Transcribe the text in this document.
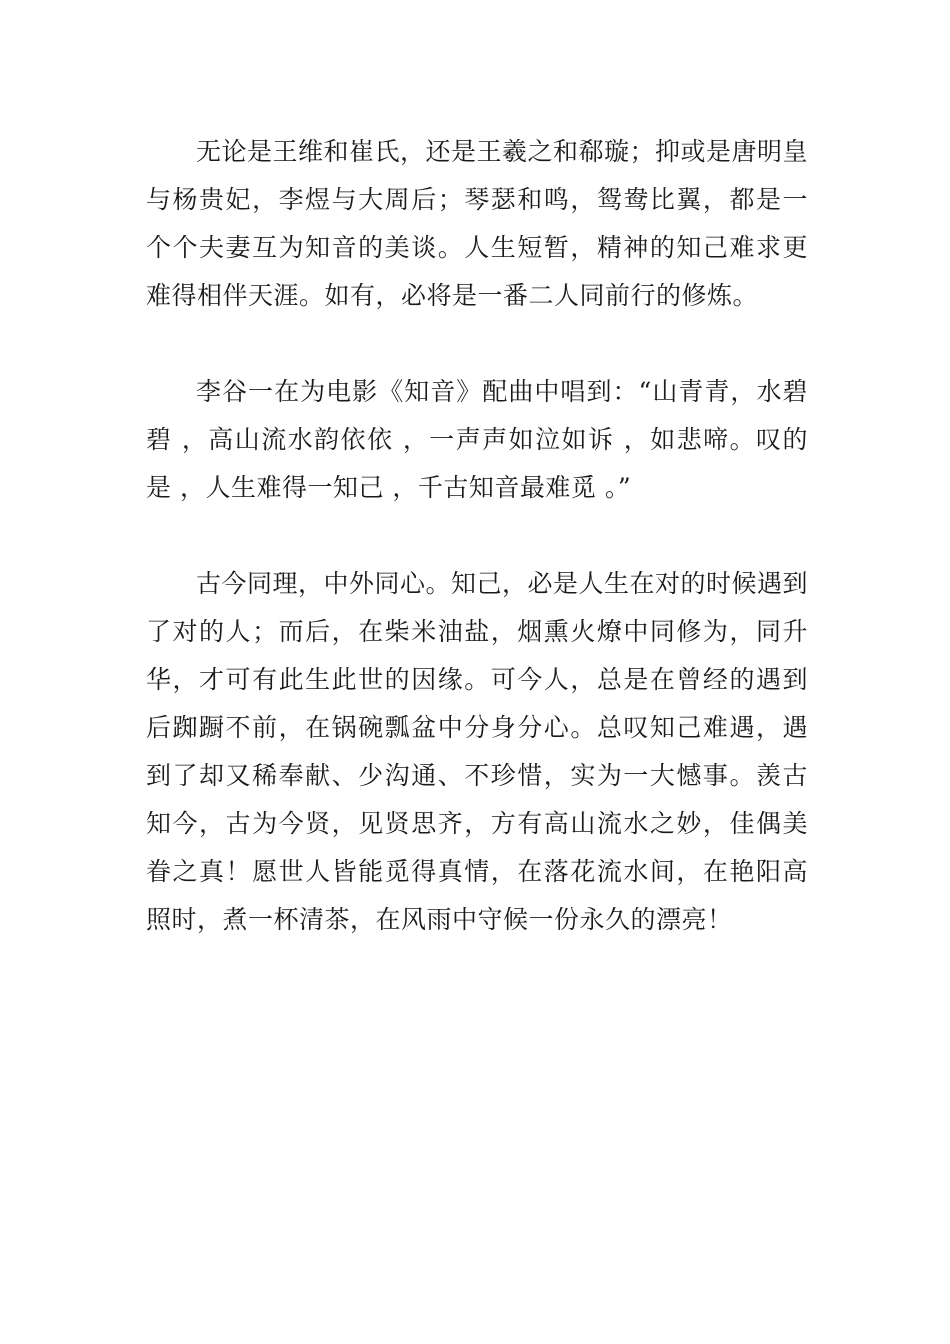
无论是王维和崔氏，还是王羲之和郗璇；抑或是唐明皇与杨贵妃，李煜与大周后；琴瑟和鸣，鸳鸯比翼，都是一个个夫妻互为知音的美谈。人生短暂，精神的知己难求更难得相伴天涯。如有，必将是一番二人同前行的修炼。

李谷一在为电影《知音》配曲中唱到：“山青青，水碧碧 ，高山流水韵依依 ，一声声如泣如诉 ，如悲啼。叹的是 ，人生难得一知己 ，千古知音最难觅 。”

古今同理，中外同心。知己，必是人生在对的时候遇到了对的人；而后，在柴米油盐，烟熏火燎中同修为，同升华，才可有此生此世的因缘。可今人，总是在曾经的遇到后踟蹰不前，在锅碗瓢盆中分身分心。总叹知己难遇，遇到了却又稀奉献、少沟通、不珍惜，实为一大憾事。羡古知今，古为今贤，见贤思齐，方有高山流水之妙，佳偶美眷之真！愿世人皆能觅得真情，在落花流水间，在艳阳高照时，煮一杯清茶，在风雨中守候一份永久的漂亮！
